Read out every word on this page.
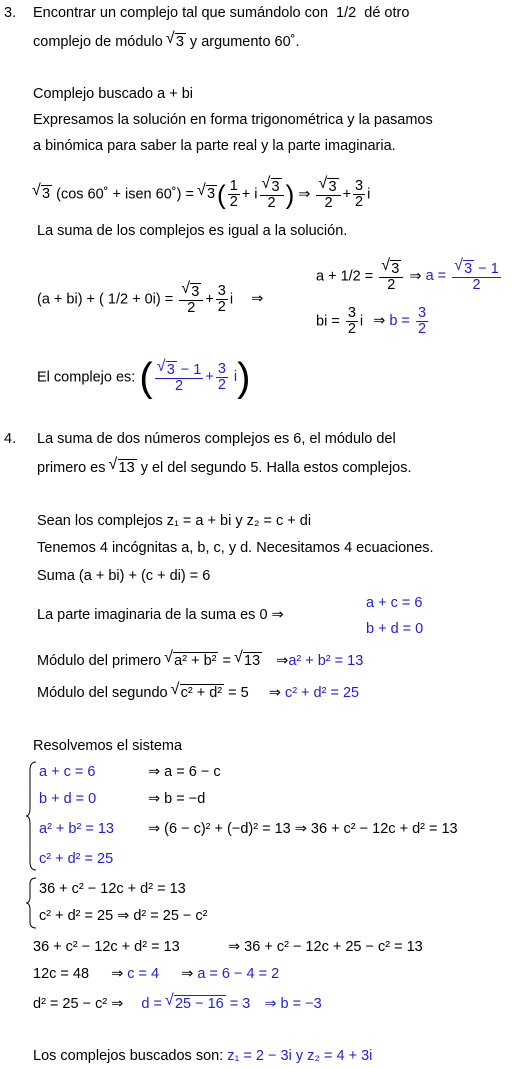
3. Encontrar un complejo tal que sumándolo con 1/2 dé otro
complejo de módulo √ 3 y argumento 60˚.
Complejo buscado a + bi
Expresamos la solución en forma trigonométrica y la pasamos
a binómica para saber la parte real y la parte imaginaria.
√ 3 (cos 60˚ + isen 60˚) = √ $3( \frac{1}{2} + i$ √ $\frac{3}{2}$ ) ⇒ √ $\frac{3}{2} + \frac{3}{2}$ i
La suma de los complejos es igual a la solución.
(a + bi) + ( 1/2 + 0i) = √ $\frac{3}{2} + \frac{3}{2}$ i ⇒
a + 1/2 = √ $\frac{3}{2}$ ⇒ a = √ $\frac{3 - 1}{2}$
bi = $\frac{3}{2}$ i ⇒ $b = \frac{3}{2}$
El complejo es: ( √ $\frac{3 - 1}{2} + \frac{3}{2} i$)
4. La suma de dos números complejos es 6, el módulo del
primero es √ 13 y el del segundo 5. Halla estos complejos.
Sean los complejos z₁ = a + bi y z₂ = c + di
Tenemos 4 incógnitas a, b, c, y d. Necesitamos 4 ecuaciones.
Suma (a + bi) + (c + di) = 6
La parte imaginaria de la suma es 0 ⇒
a + c = 6
b + d = 0
Módulo del primero √ a² + b² = √ 13 ⇒a² + b² = 13
Módulo del segundo √ c² + d² = 5 ⇒ c² + d² = 25
Resolvemos el sistema
a + c = 6	⇒ a = 6 − c
b + d = 0	⇒ b = −d
a² + b² = 13 ⇒ (6 − c)² + (−d)² = 13 ⇒ 36 + c² − 12c + d² = 13
c² + d² = 25
36 + c² − 12c + d² = 13
c² + d² = 25 ⇒ d² = 25 − c²
36 + c² − 12c + d² = 13	⇒ 36 + c² − 12c + 25 − c² = 13
12c = 48 ⇒ c = 4 ⇒ a = 6 − 4 = 2
d² = 25 − c² ⇒ d = √ 25 − 16 = 3 ⇒ b = −3
Los complejos buscados son: z₁ = 2 − 3i y z₂ = 4 + 3i
